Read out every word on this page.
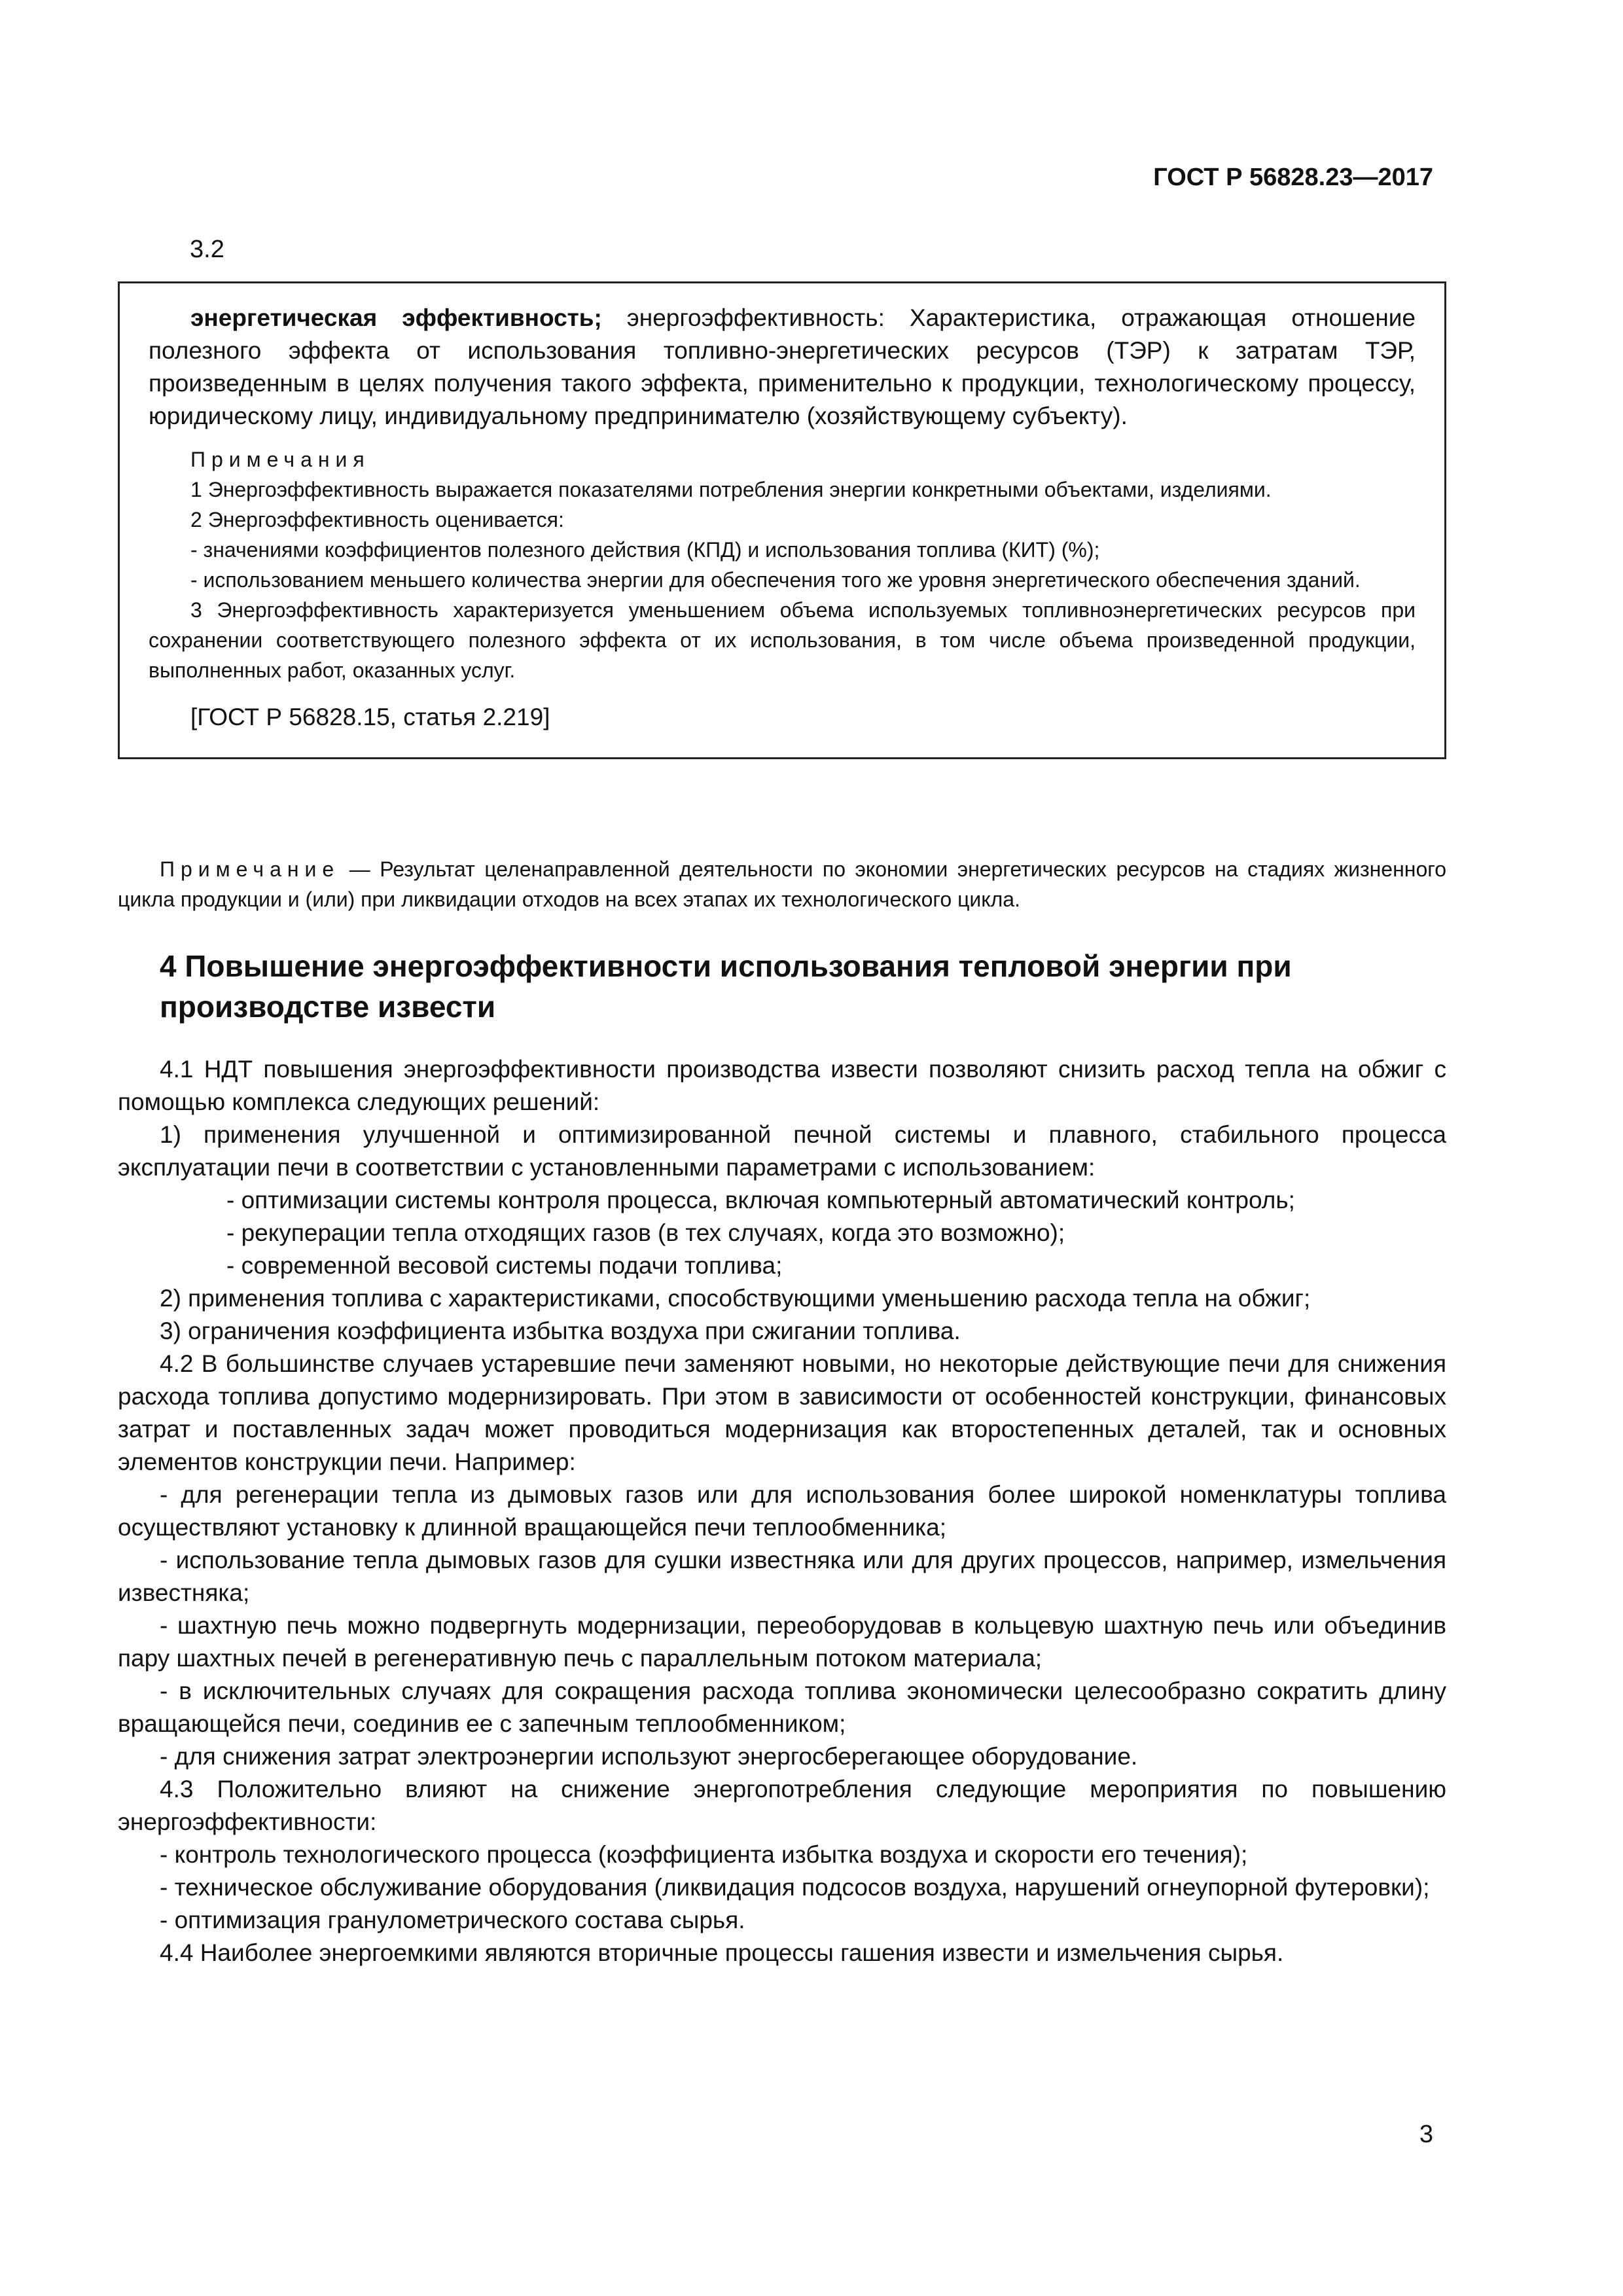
ГОСТ Р 56828.23—2017
3.2

энергетическая эффективность; энергоэффективность: Характеристика, отражающая отношение полезного эффекта от использования топливно-энергетических ресурсов (ТЭР) к затратам ТЭР, произведенным в целях получения такого эффекта, применительно к продукции, технологическому процессу, юридическому лицу, индивидуальному предпринимателю (хозяйствующему субъекту).

Примечания

1 Энергоэффективность выражается показателями потребления энергии конкретными объектами, изделиями.

2 Энергоэффективность оценивается:

- значениями коэффициентов полезного действия (КПД) и использования топлива (КИТ) (%);

- использованием меньшего количества энергии для обеспечения того же уровня энергетического обеспечения зданий.

3 Энергоэффективность характеризуется уменьшением объема используемых топливноэнергетических ресурсов при сохранении соответствующего полезного эффекта от их использования, в том числе объема произведенной продукции, выполненных работ, оказанных услуг.

[ГОСТ Р 56828.15, статья 2.219]

Примечание — Результат целенаправленной деятельности по экономии энергетических ресурсов на стадиях жизненного цикла продукции и (или) при ликвидации отходов на всех этапах их технологического цикла.

4 Повышение энергоэффективности использования тепловой энергии при производстве извести

4.1 НДТ повышения энергоэффективности производства извести позволяют снизить расход тепла на обжиг с помощью комплекса следующих решений:

1) применения улучшенной и оптимизированной печной системы и плавного, стабильного процесса эксплуатации печи в соответствии с установленными параметрами с использованием:

- оптимизации системы контроля процесса, включая компьютерный автоматический контроль;

- рекуперации тепла отходящих газов (в тех случаях, когда это возможно);

- современной весовой системы подачи топлива;

2) применения топлива с характеристиками, способствующими уменьшению расхода тепла на обжиг;

3) ограничения коэффициента избытка воздуха при сжигании топлива.

4.2 В большинстве случаев устаревшие печи заменяют новыми, но некоторые действующие печи для снижения расхода топлива допустимо модернизировать. При этом в зависимости от особенностей конструкции, финансовых затрат и поставленных задач может проводиться модернизация как второстепенных деталей, так и основных элементов конструкции печи. Например:

- для регенерации тепла из дымовых газов или для использования более широкой номенклатуры топлива осуществляют установку к длинной вращающейся печи теплообменника;

- использование тепла дымовых газов для сушки известняка или для других процессов, например, измельчения известняка;

- шахтную печь можно подвергнуть модернизации, переоборудовав в кольцевую шахтную печь или объединив пару шахтных печей в регенеративную печь с параллельным потоком материала;

- в исключительных случаях для сокращения расхода топлива экономически целесообразно сократить длину вращающейся печи, соединив ее с запечным теплообменником;

- для снижения затрат электроэнергии используют энергосберегающее оборудование.

4.3 Положительно влияют на снижение энергопотребления следующие мероприятия по повышению энергоэффективности:

- контроль технологического процесса (коэффициента избытка воздуха и скорости его течения);

- техническое обслуживание оборудования (ликвидация подсосов воздуха, нарушений огнеупорной футеровки);

- оптимизация гранулометрического состава сырья.

4.4 Наиболее энергоемкими являются вторичные процессы гашения извести и измельчения сырья.

3
